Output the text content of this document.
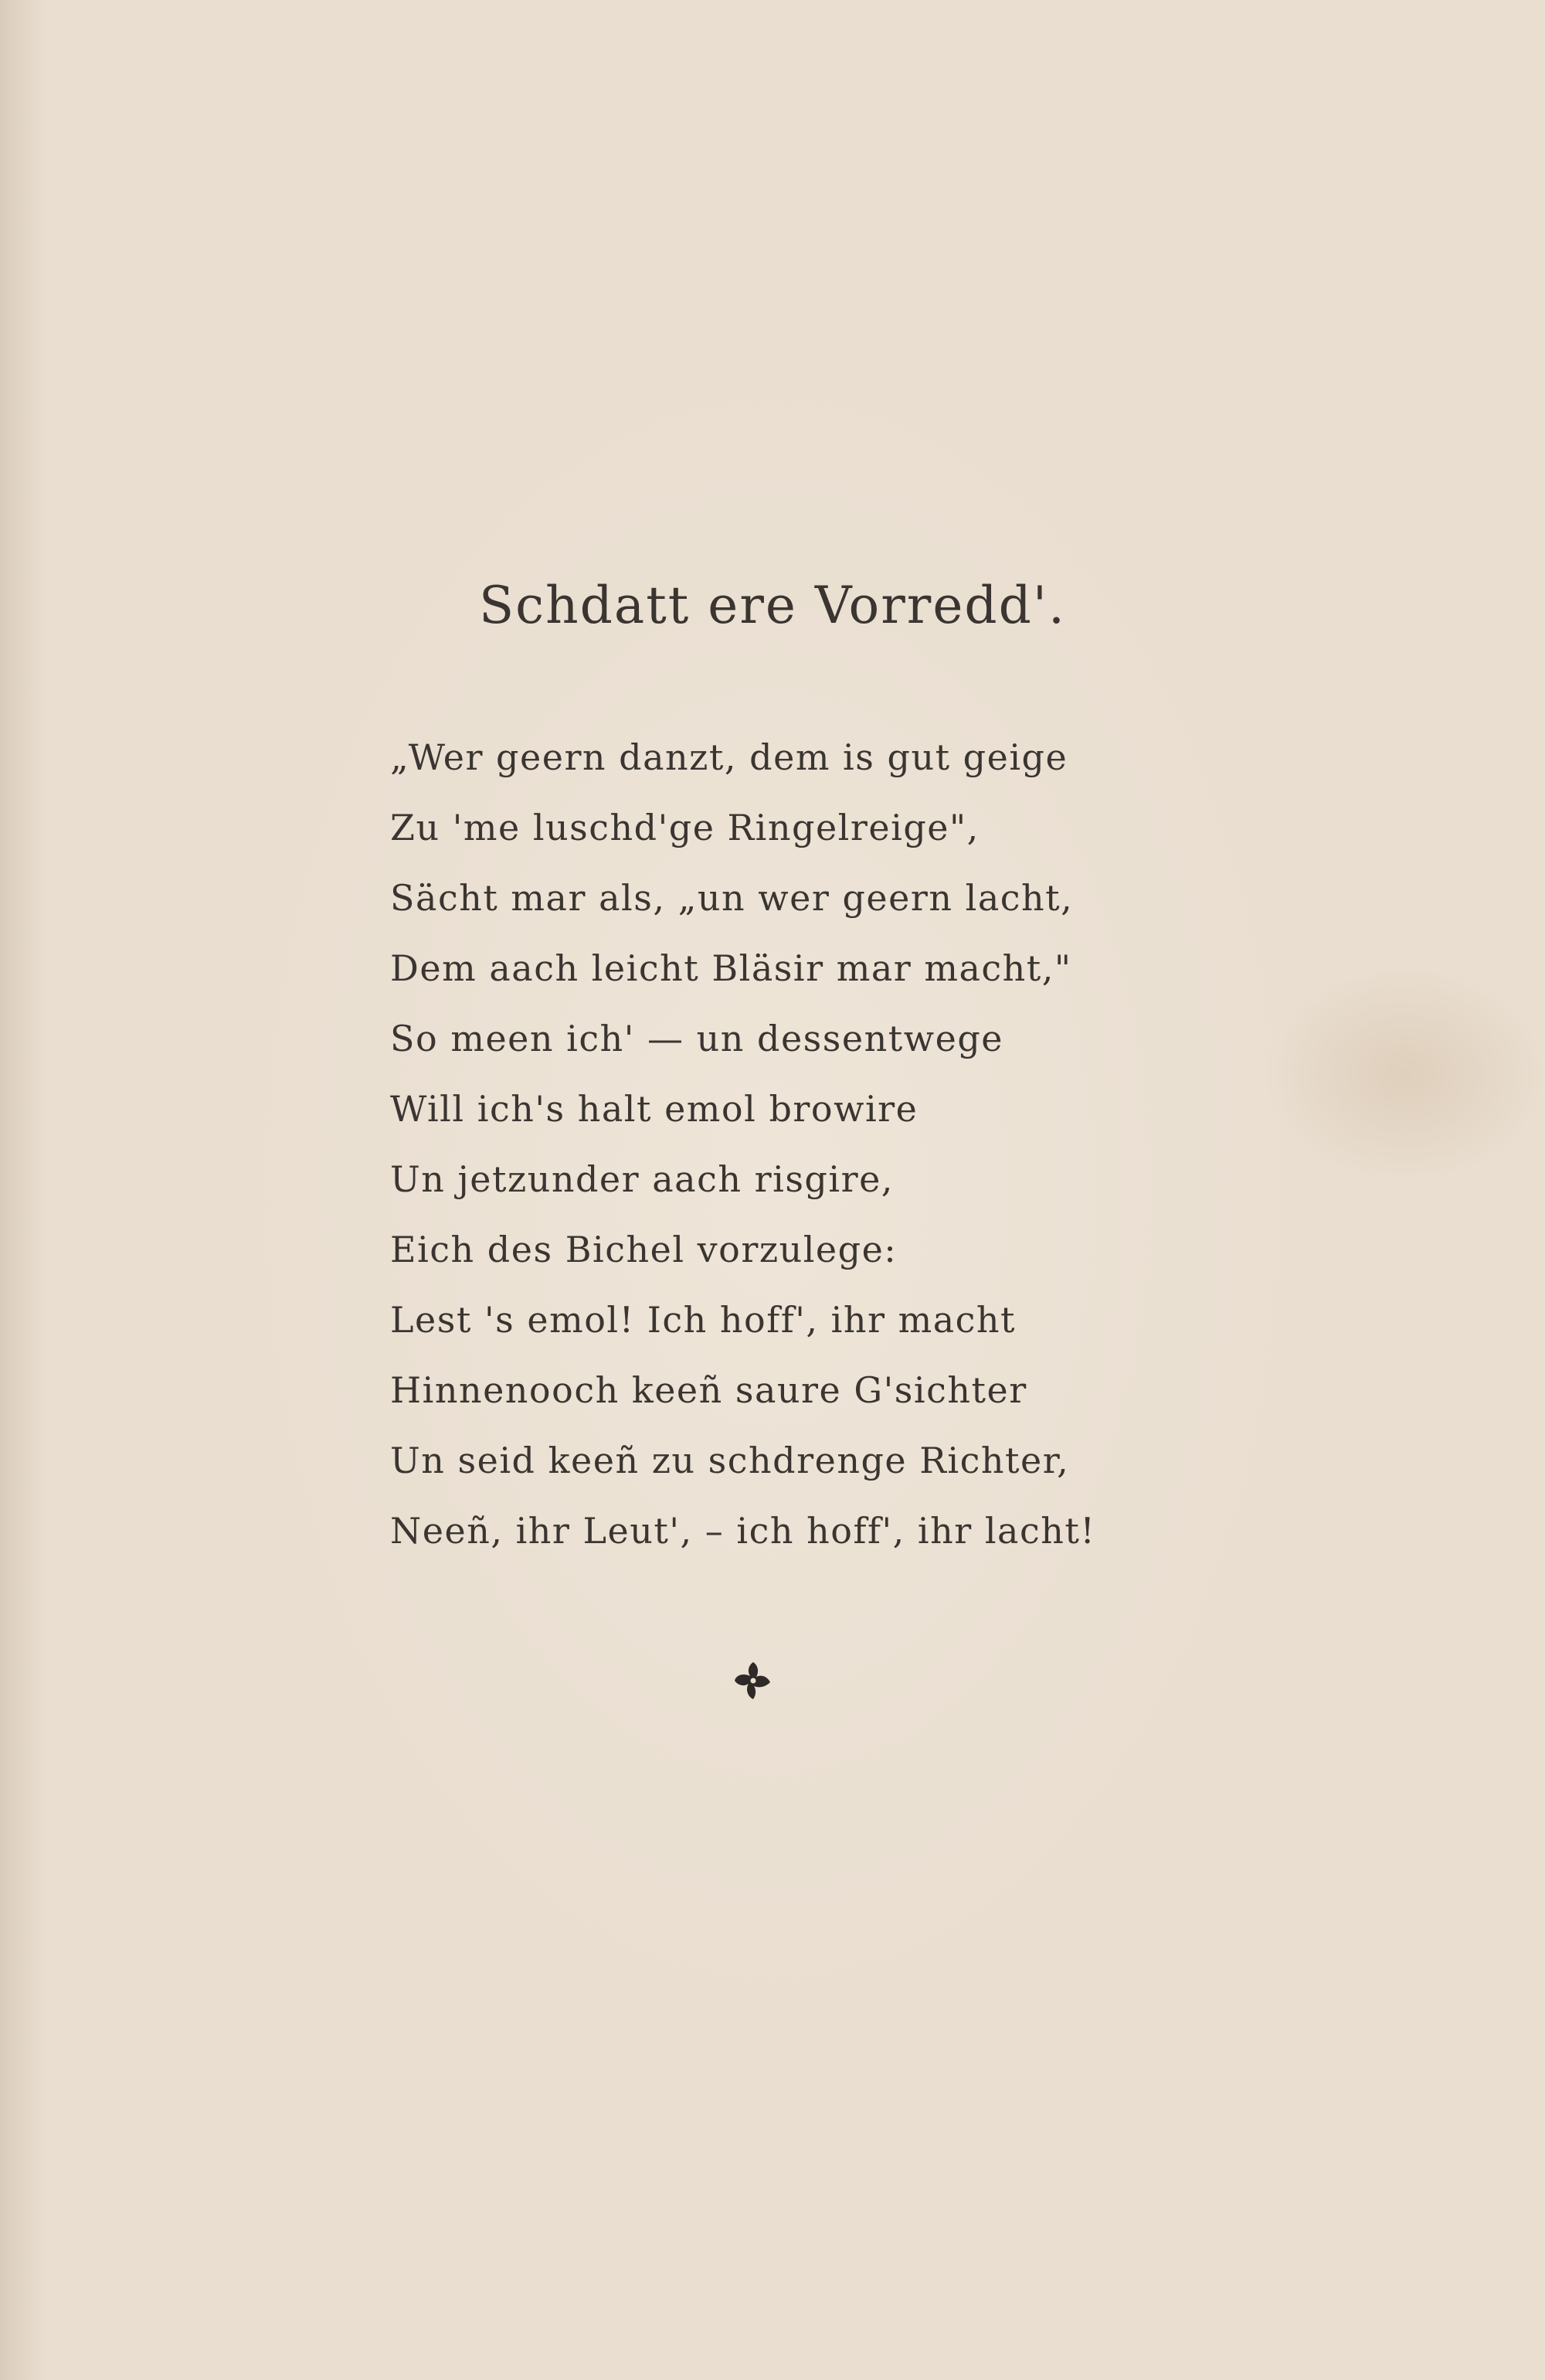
Schdatt ere Vorredd'.
„Wer geern danzt, dem is gut geige
Zu 'me luschd'ge Ringelreige",
Sächt mar als, „un wer geern lacht,
Dem aach leicht Bläsir mar macht,"
So meen ich' — un dessentwege
Will ich's halt emol browire
Un jetzunder aach risgire,
Eich des Bichel vorzulege:
Lest 's emol! Ich hoff', ihr macht
Hinnenooch keeñ saure G'sichter
Un seid keeñ zu schdrenge Richter,
Neeñ, ihr Leut', – ich hoff', ihr lacht!
